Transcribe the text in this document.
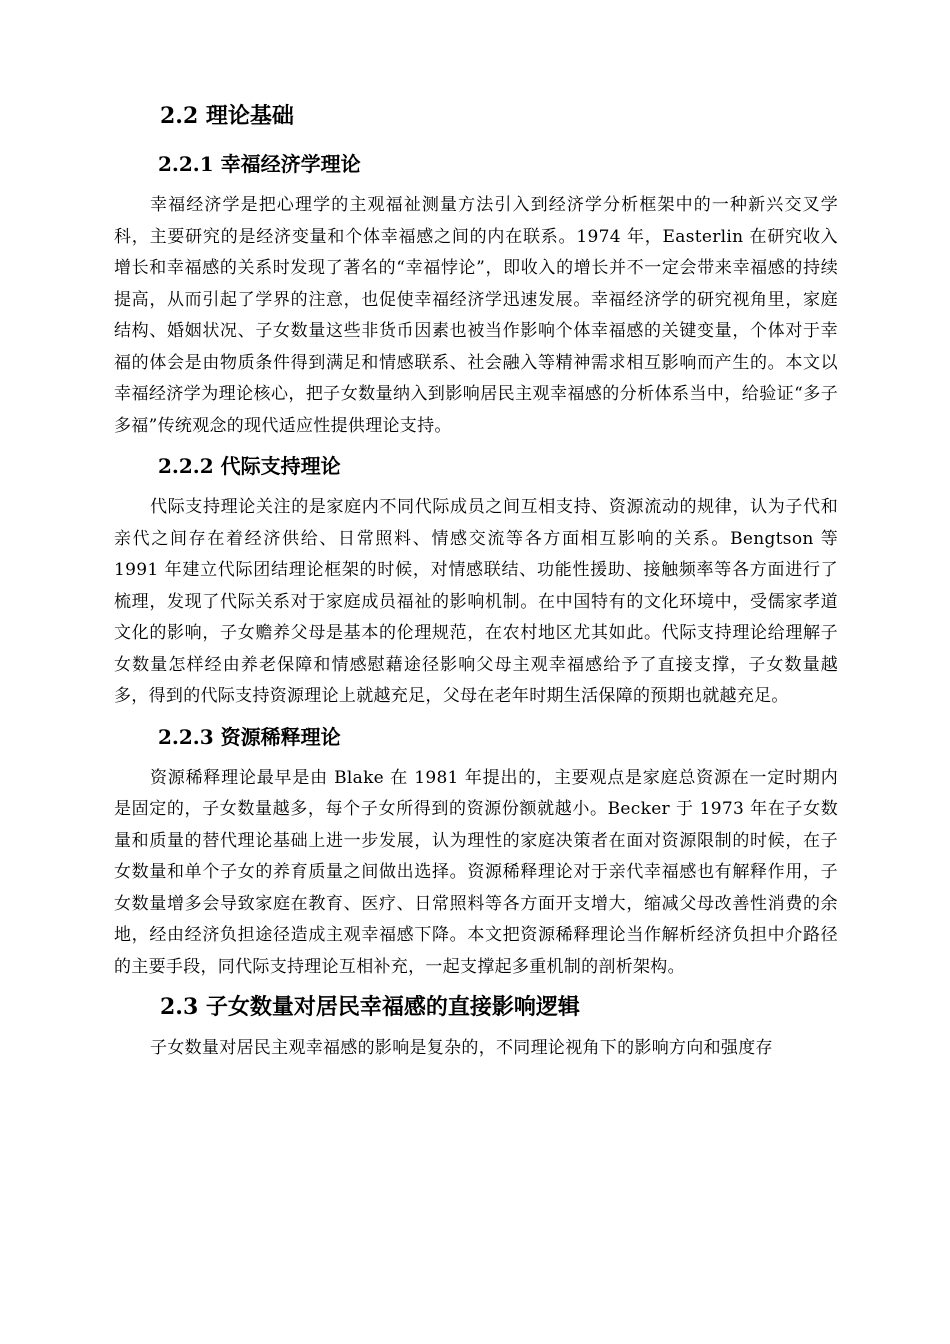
2.2 理论基础
2.2.1 幸福经济学理论

幸福经济学是把心理学的主观福祉测量方法引入到经济学分析框架中的一种新兴交叉学科，主要研究的是经济变量和个体幸福感之间的内在联系。1974 年，Easterlin 在研究收入增长和幸福感的关系时发现了著名的“幸福悖论”，即收入的增长并不一定会带来幸福感的持续提高，从而引起了学界的注意，也促使幸福经济学迅速发展。幸福经济学的研究视角里，家庭结构、婚姻状况、子女数量这些非货币因素也被当作影响个体幸福感的关键变量，个体对于幸福的体会是由物质条件得到满足和情感联系、社会融入等精神需求相互影响而产生的。本文以幸福经济学为理论核心，把子女数量纳入到影响居民主观幸福感的分析体系当中，给验证“多子多福”传统观念的现代适应性提供理论支持。

2.2.2 代际支持理论

代际支持理论关注的是家庭内不同代际成员之间互相支持、资源流动的规律，认为子代和亲代之间存在着经济供给、日常照料、情感交流等各方面相互影响的关系。Bengtson 等 1991 年建立代际团结理论框架的时候，对情感联结、功能性援助、接触频率等各方面进行了梳理，发现了代际关系对于家庭成员福祉的影响机制。在中国特有的文化环境中，受儒家孝道文化的影响，子女赡养父母是基本的伦理规范，在农村地区尤其如此。代际支持理论给理解子女数量怎样经由养老保障和情感慰藉途径影响父母主观幸福感给予了直接支撑，子女数量越多，得到的代际支持资源理论上就越充足，父母在老年时期生活保障的预期也就越充足。

2.2.3 资源稀释理论

资源稀释理论最早是由 Blake 在 1981 年提出的，主要观点是家庭总资源在一定时期内是固定的，子女数量越多，每个子女所得到的资源份额就越小。Becker 于 1973 年在子女数量和质量的替代理论基础上进一步发展，认为理性的家庭决策者在面对资源限制的时候，在子女数量和单个子女的养育质量之间做出选择。资源稀释理论对于亲代幸福感也有解释作用，子女数量增多会导致家庭在教育、医疗、日常照料等各方面开支增大，缩减父母改善性消费的余地，经由经济负担途径造成主观幸福感下降。本文把资源稀释理论当作解析经济负担中介路径的主要手段，同代际支持理论互相补充，一起支撑起多重机制的剖析架构。

2.3 子女数量对居民幸福感的直接影响逻辑

子女数量对居民主观幸福感的影响是复杂的，不同理论视角下的影响方向和强度存
